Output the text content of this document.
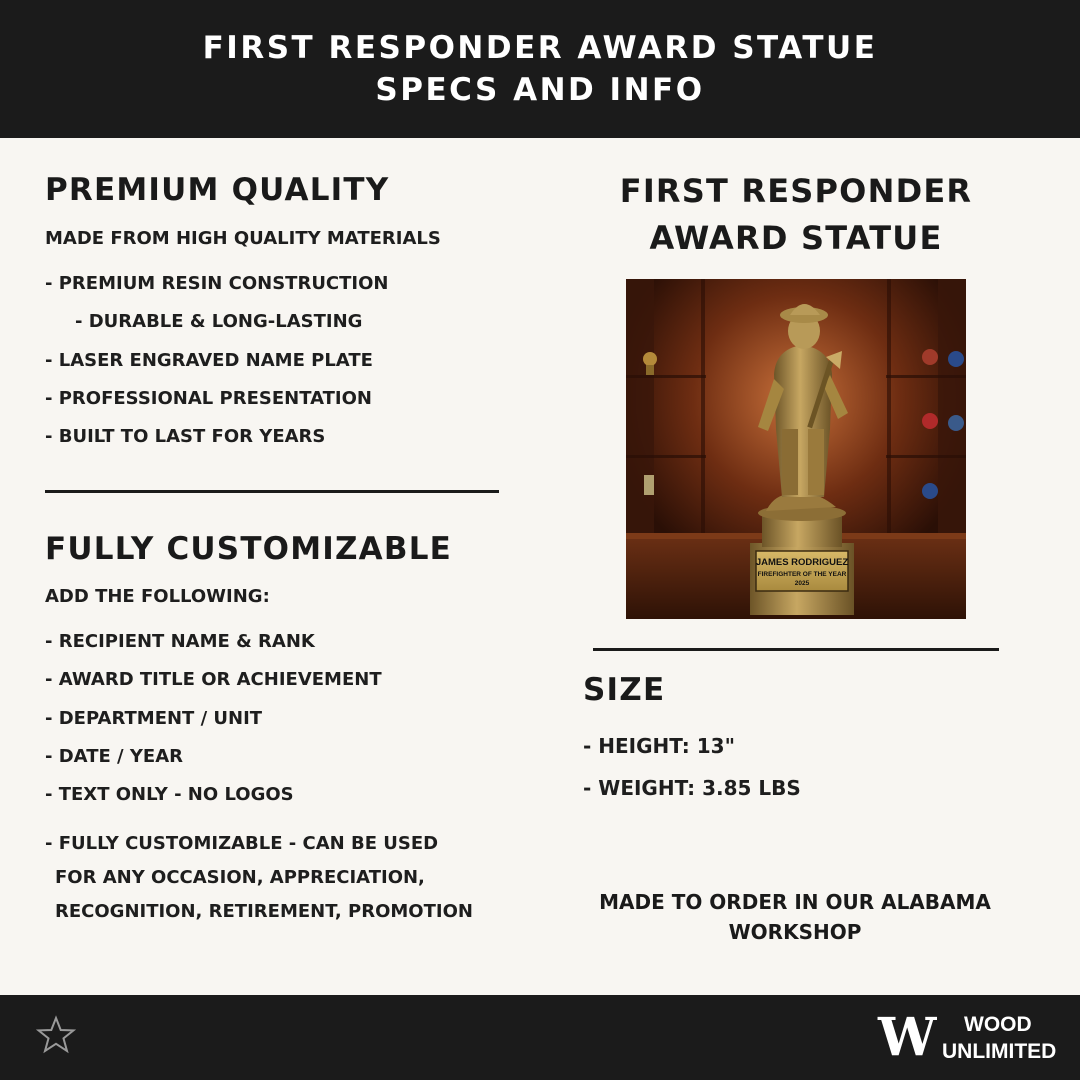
FIRST RESPONDER AWARD STATUE
SPECS AND INFO
PREMIUM QUALITY
MADE FROM HIGH QUALITY MATERIALS
- PREMIUM RESIN CONSTRUCTION
- DURABLE & LONG-LASTING
- LASER ENGRAVED NAME PLATE
- PROFESSIONAL PRESENTATION
- BUILT TO LAST FOR YEARS
FULLY CUSTOMIZABLE
ADD THE FOLLOWING:
- RECIPIENT NAME & RANK
- AWARD TITLE OR ACHIEVEMENT
- DEPARTMENT / UNIT
- DATE / YEAR
- TEXT ONLY - NO LOGOS
- FULLY CUSTOMIZABLE - CAN BE USED
FOR ANY OCCASION, APPRECIATION,
RECOGNITION, RETIREMENT, PROMOTION
FIRST RESPONDER
AWARD STATUE
JAMES RODRIGUEZ
FIREFIGHTER OF THE YEAR
2025
SIZE
- HEIGHT: 13"
- WEIGHT: 3.85 LBS
MADE TO ORDER IN OUR ALABAMA
WORKSHOP
W WOOD
UNLIMITED
